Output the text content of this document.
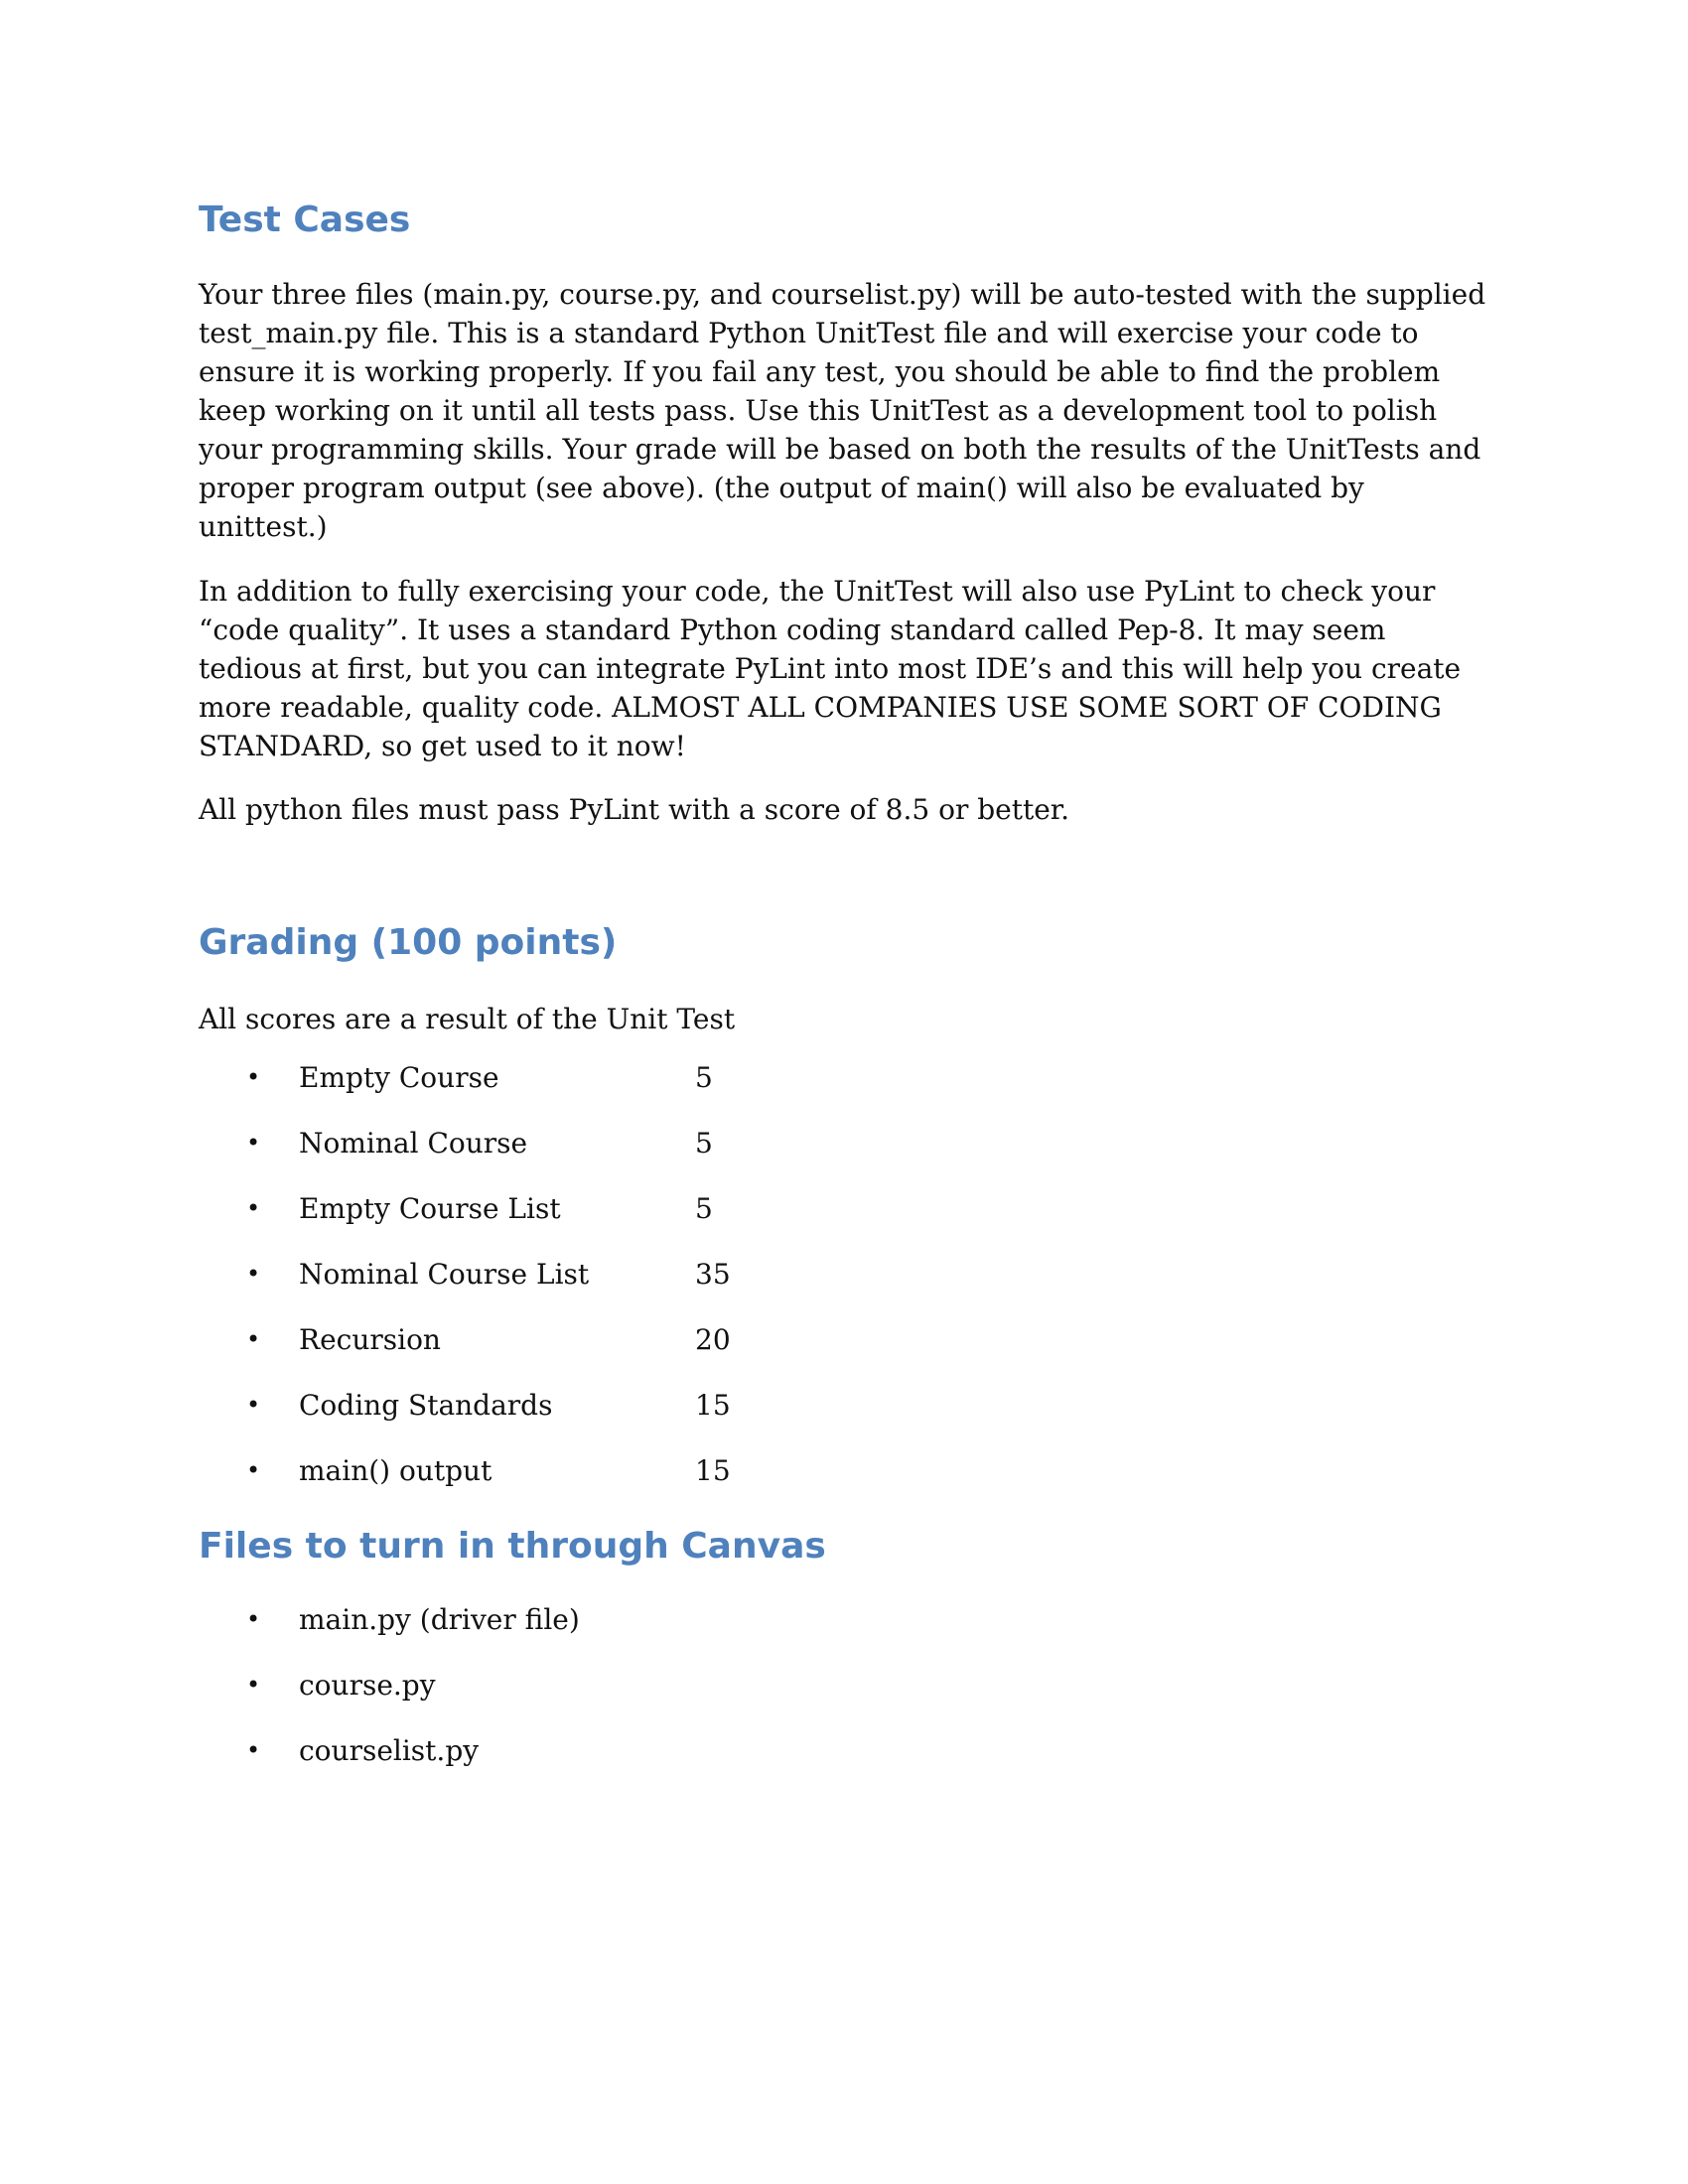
Test Cases

Your three files (main.py, course.py, and courselist.py) will be auto-tested with the supplied test_main.py file. This is a standard Python UnitTest file and will exercise your code to ensure it is working properly. If you fail any test, you should be able to find the problem keep working on it until all tests pass. Use this UnitTest as a development tool to polish your programming skills. Your grade will be based on both the results of the UnitTests and proper program output (see above). (the output of main() will also be evaluated by unittest.)

In addition to fully exercising your code, the UnitTest will also use PyLint to check your “code quality”. It uses a standard Python coding standard called Pep-8. It may seem tedious at first, but you can integrate PyLint into most IDE’s and this will help you create more readable, quality code. ALMOST ALL COMPANIES USE SOME SORT OF CODING STANDARD, so get used to it now!

All python files must pass PyLint with a score of 8.5 or better.

Grading (100 points)

All scores are a result of the Unit Test

• Empty Course	5
• Nominal Course	5
• Empty Course List	5
• Nominal Course List	35
• Recursion	20
• Coding Standards	15
• main() output	15
Files to turn in through Canvas
• main.py (driver file)
• course.py
• courselist.py
